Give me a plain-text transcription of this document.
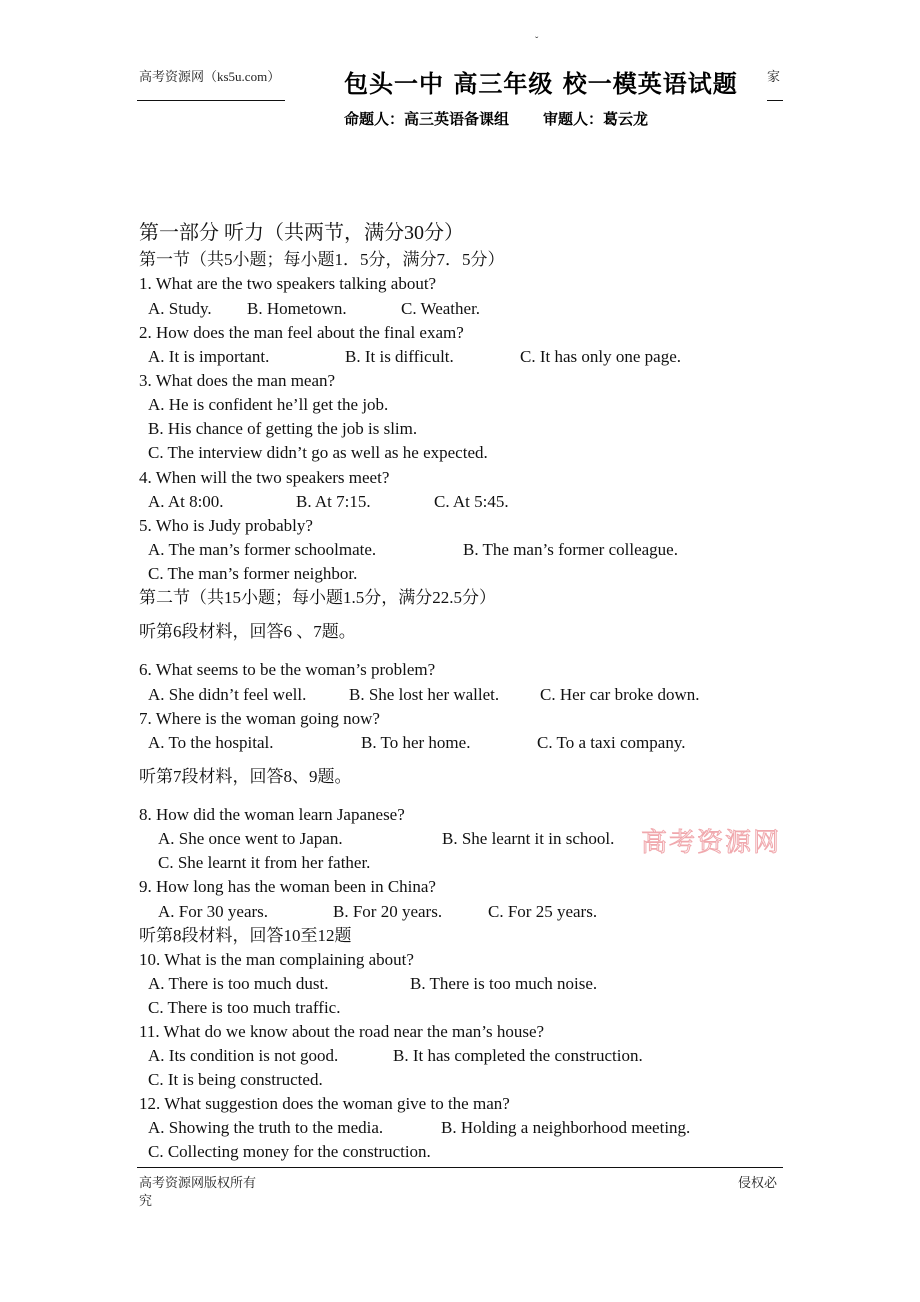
ˇ
高考资源网（ks5u.com）	包头一中 高三年级 校一模英语试题 家
命题人：高三英语备课组 审题人：葛云龙
第一部分 听力（共两节，满分30分）
第一节（共5小题；每小题1．5分，满分7．5分）
1. What are the two speakers talking about?
A. Study. B. Hometown.	C. Weather.
2. How does the man feel about the final exam?
A. It is important.	B. It is difficult.	C. It has only one page.
3. What does the man mean?
A. He is confident he’ll get the job.
B. His chance of getting the job is slim.
C. The interview didn’t go as well as he expected.
4. When will the two speakers meet?
A. At 8:00.	B. At 7:15.	C. At 5:45.
5. Who is Judy probably?
A. The man’s former schoolmate.	B. The man’s former colleague.
C. The man’s former neighbor.
第二节（共15小题；每小题1.5分，满分22.5分）
听第6段材料，回答6 、7题。
6. What seems to be the woman’s problem?
A. She didn’t feel well.	B. She lost her wallet. C. Her car broke down.
7. Where is the woman going now?
A. To the hospital.	B. To her home.	C. To a taxi company.
听第7段材料，回答8、9题。
8. How did the woman learn Japanese?
A. She once went to Japan.	B. She learnt it in school. 高考资源网
C. She learnt it from her father.
9. How long has the woman been in China?
A. For 30 years.	B. For 20 years.	C. For 25 years.
听第8段材料，回答10至12题
10. What is the man complaining about?
A. There is too much dust.	B. There is too much noise.
C. There is too much traffic.
11. What do we know about the road near the man’s house?
A. Its condition is not good.	B. It has completed the construction.
C. It is being constructed.
12. What suggestion does the woman give to the man?
A. Showing the truth to the media.	B. Holding a neighborhood meeting.
C. Collecting money for the construction.
高考资源网版权所有
究
侵权必
